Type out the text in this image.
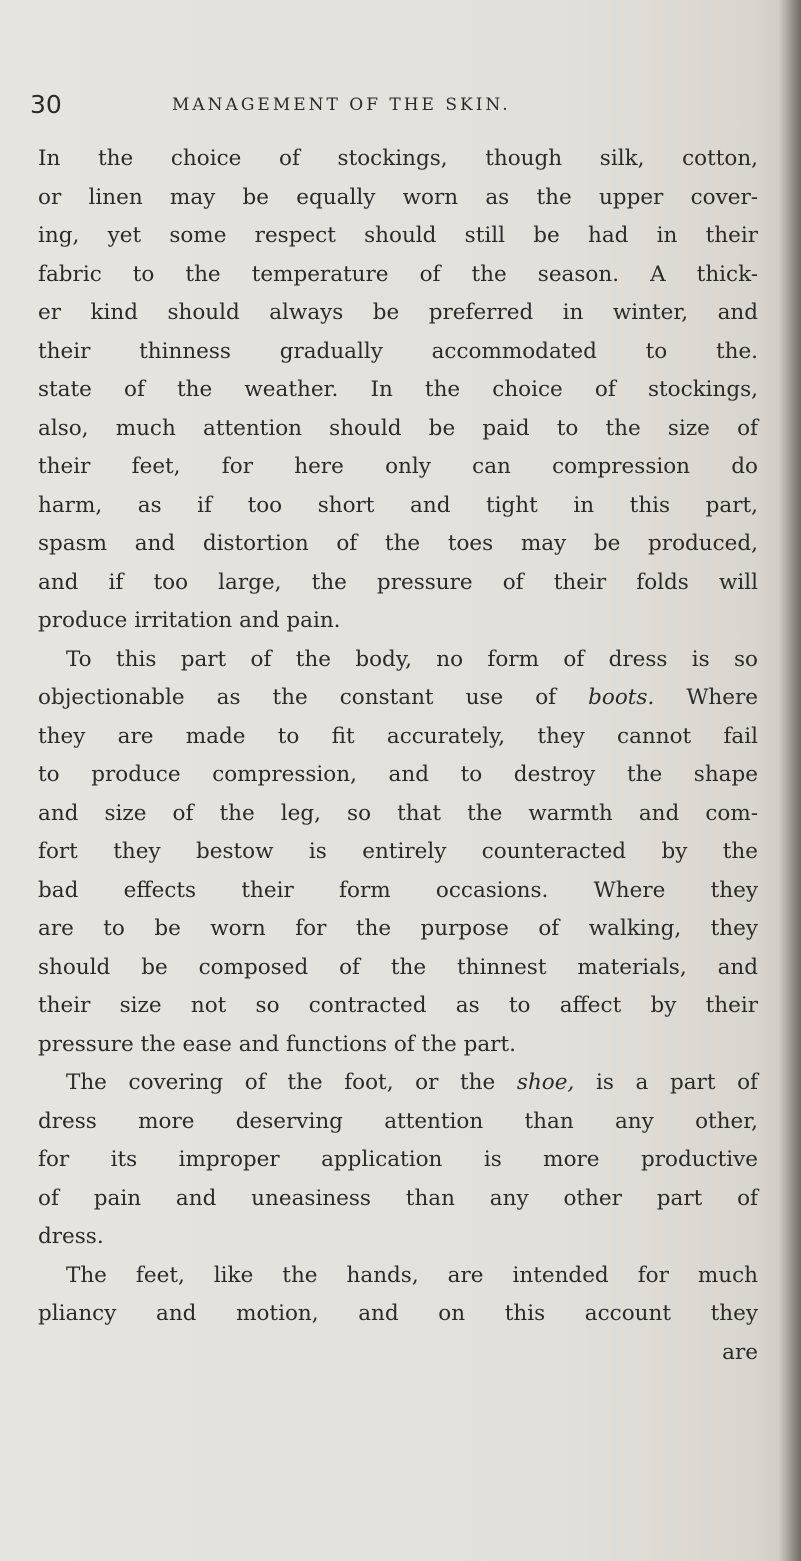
30	MANAGEMENT OF THE SKIN.
In the choice of stockings, though silk, cotton,
or linen may be equally worn as the upper cover-
ing, yet some respect should still be had in their
fabric to the temperature of the season. A thick-
er kind should always be preferred in winter, and
their thinness gradually accommodated to the.
state of the weather. In the choice of stockings,
also, much attention should be paid to the size of
their feet, for here only can compression do
harm, as if too short and tight in this part,
spasm and distortion of the toes may be produced,
and if too large, the pressure of their folds will
produce irritation and pain.
To this part of the body, no form of dress is so
objectionable as the constant use of boots. Where
they are made to fit accurately, they cannot fail
to produce compression, and to destroy the shape
and size of the leg, so that the warmth and com-
fort they bestow is entirely counteracted by the
bad effects their form occasions. Where they
are to be worn for the purpose of walking, they
should be composed of the thinnest materials, and
their size not so contracted as to affect by their
pressure the ease and functions of the part.
The covering of the foot, or the shoe, is a part of
dress more deserving attention than any other,
for its improper application is more productive
of pain and uneasiness than any other part of
dress.
The feet, like the hands, are intended for much
pliancy and motion, and on this account they
are
